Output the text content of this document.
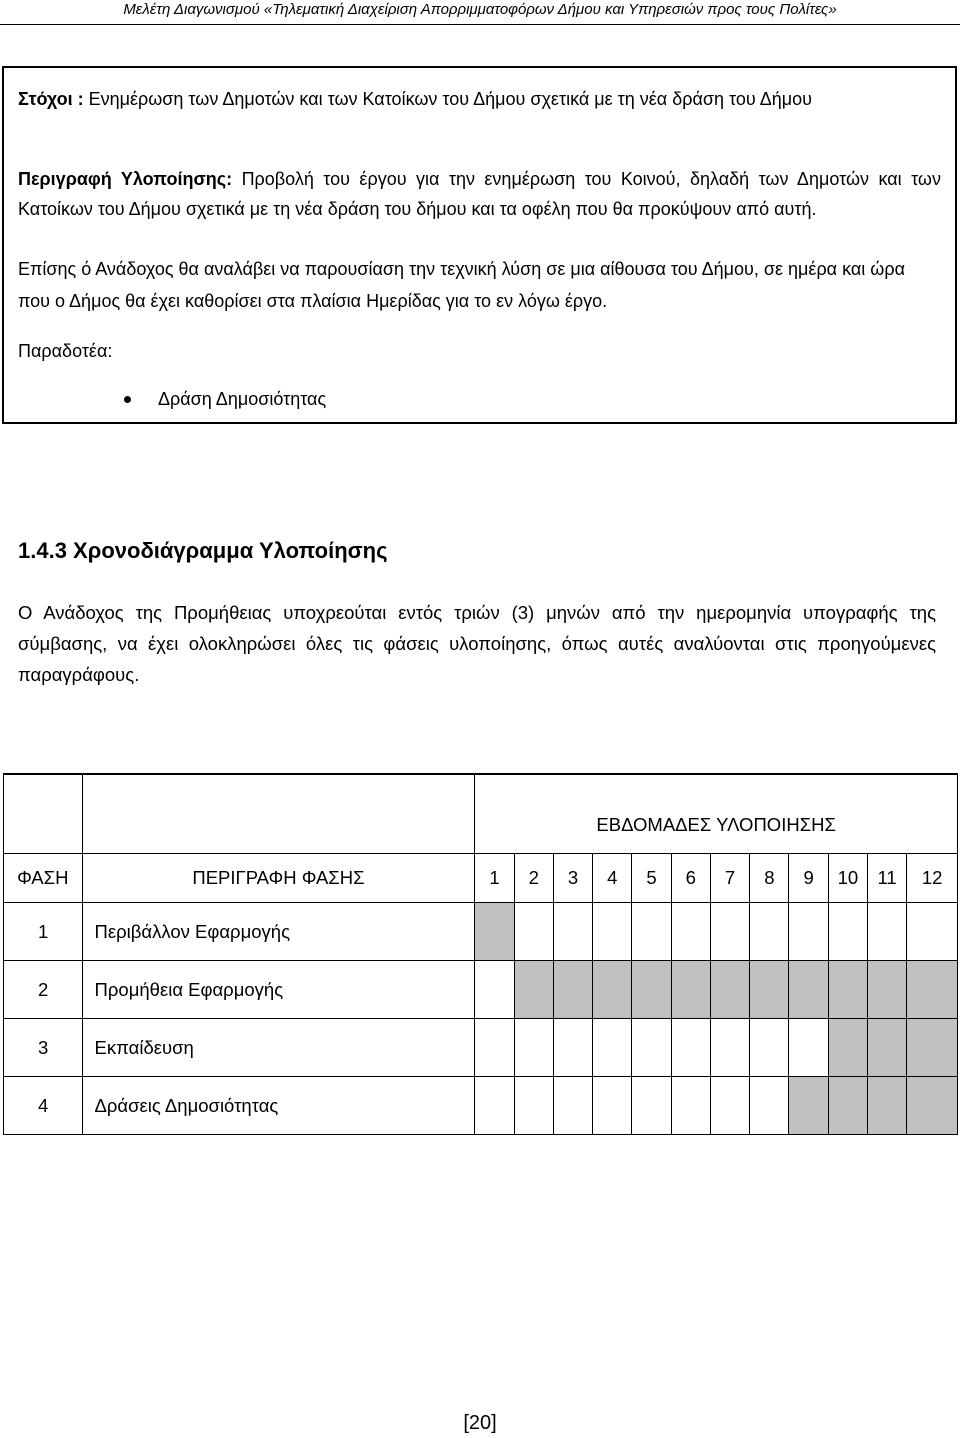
Μελέτη Διαγωνισμού «Τηλεματική Διαχείριση Απορριμματοφόρων Δήμου και Υπηρεσιών προς τους Πολίτες»

Στόχοι : Ενημέρωση των Δημοτών και των Κατοίκων του Δήμου σχετικά με τη νέα δράση του Δήμου

Περιγραφή Υλοποίησης: Προβολή του έργου για την ενημέρωση του Κοινού, δηλαδή των Δημοτών και των Κατοίκων του Δήμου σχετικά με τη νέα δράση του δήμου και τα οφέλη που θα προκύψουν από αυτή.

Επίσης ό Ανάδοχος θα αναλάβει να παρουσίαση την τεχνική λύση σε μια αίθουσα του Δήμου, σε ημέρα και ώρα που ο Δήμος θα έχει καθορίσει στα πλαίσια Ημερίδας για το εν λόγω έργο.

Παραδοτέα:

Δράση Δημοσιότητας
1.4.3 Χρονοδιάγραμμα Υλοποίησης

Ο Ανάδοχος της Προμήθειας υποχρεούται εντός τριών (3) μηνών από την ημερομηνία υπογραφής της σύμβασης, να έχει ολοκληρώσει όλες τις φάσεις υλοποίησης, όπως αυτές αναλύονται στις προηγούμενες παραγράφους.

		ΕΒΔΟΜΑΔΕΣ ΥΛΟΠΟΙΗΣΗΣ											
ΦΑΣΗ	ΠΕΡΙΓΡΑΦΗ ΦΑΣΗΣ	1	2	3	4	5	6	7	8	9	10	11	12
1	Περιβάλλον Εφαρμογής												
2	Προμήθεια Εφαρμογής												
3	Εκπαίδευση												
4	Δράσεις Δημοσιότητας												
[20]
